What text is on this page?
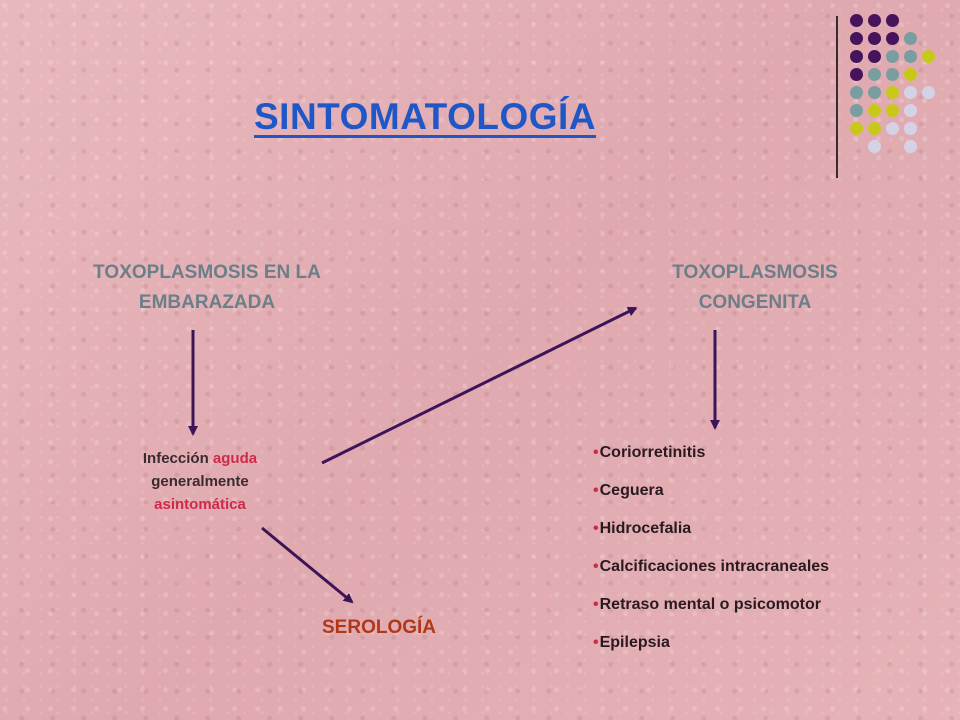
SINTOMATOLOGÍA
TOXOPLASMOSIS EN LA
EMBARAZADA
TOXOPLASMOSIS
CONGENITA
Infección aguda
generalmente
asintomática
SEROLOGÍA
•Coriorretinitis
•Ceguera
•Hidrocefalia
•Calcificaciones intracraneales
•Retraso mental o psicomotor
•Epilepsia
